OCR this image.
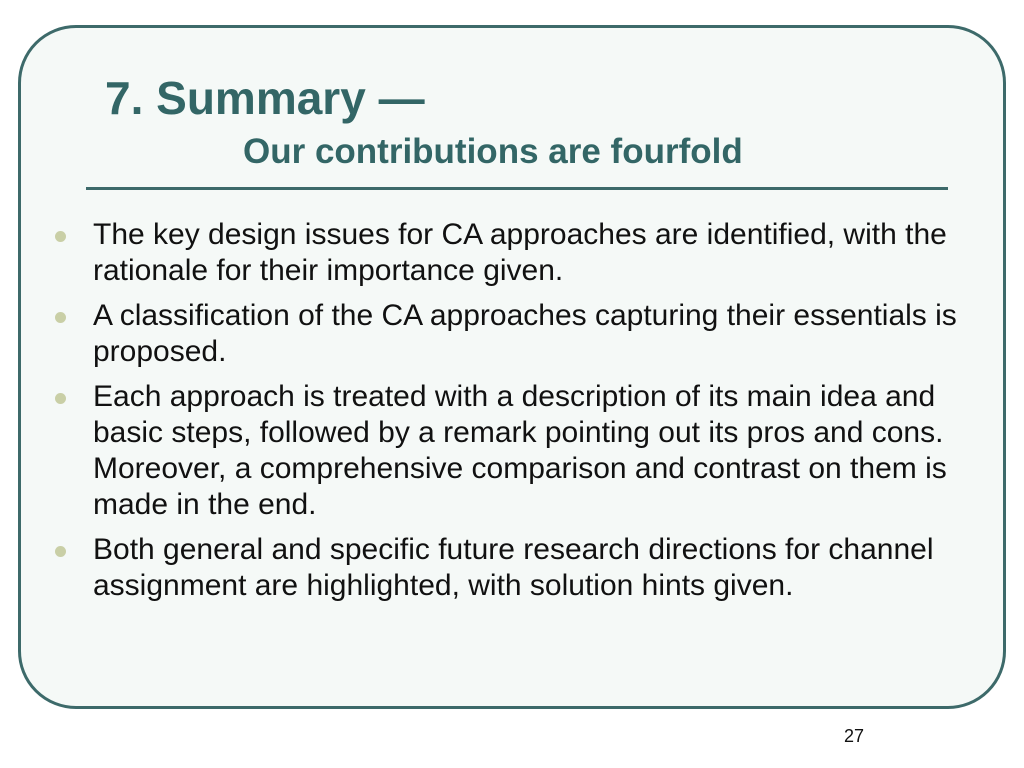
7. Summary —
Our contributions are fourfold
The key design issues for CA approaches are identified, with the rationale for their importance given.
A classification of the CA approaches capturing their essentials is proposed.
Each approach is treated with a description of its main idea and basic steps, followed by a remark pointing out its pros and cons. Moreover, a comprehensive comparison and contrast on them is made in the end.
Both general and specific future research directions for channel assignment are highlighted, with solution hints given.
27
